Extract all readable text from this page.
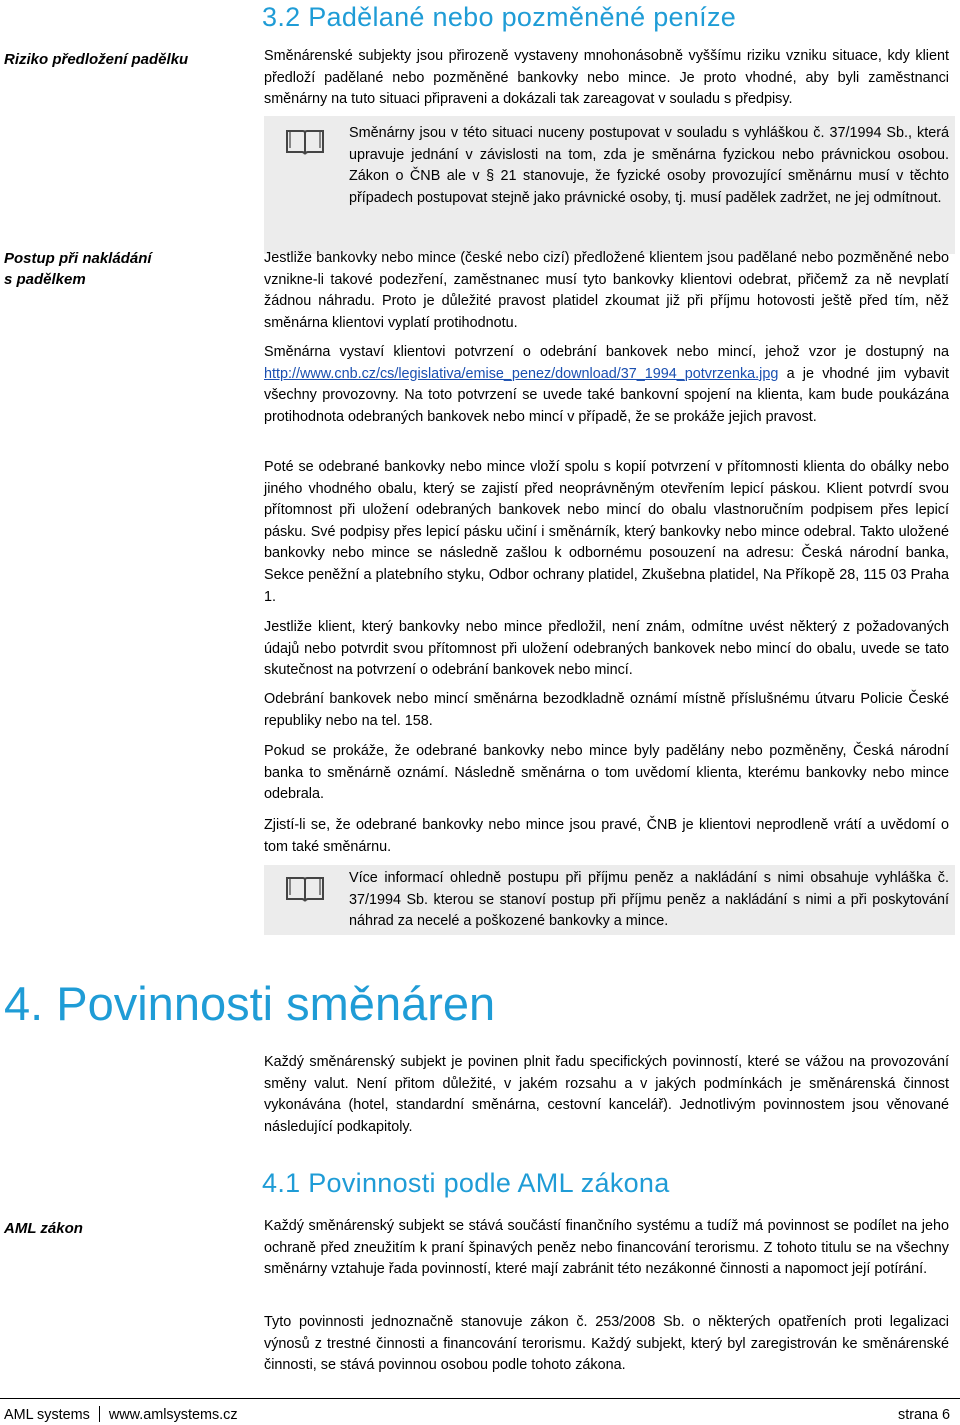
3.2 Padělané nebo pozměněné peníze
Riziko předložení padělku	Směnárenské subjekty jsou přirozeně vystaveny mnohonásobně vyššímu riziku vzniku situace, kdy klient předloží padělané nebo pozměněné bankovky nebo mince. Je proto vhodné, aby byli zaměstnanci směnárny na tuto situaci připraveni a dokázali tak zareagovat v souladu s předpisy.

Směnárny jsou v této situaci nuceny postupovat v souladu s vyhláškou č. 37/1994 Sb., která upravuje jednání v závislosti na tom, zda je směnárna fyzickou nebo právnickou osobou. Zákon o ČNB ale v § 21 stanovuje, že fyzické osoby provozující směnárnu musí v těchto případech postupovat stejně jako právnické osoby, tj. musí padělek zadržet, ne jej odmítnout.

Postup při nakládání
s padělkem

Jestliže bankovky nebo mince (české nebo cizí) předložené klientem jsou padělané nebo pozměněné nebo vznikne-li takové podezření, zaměstnanec musí tyto bankovky klientovi odebrat, přičemž za ně nevplatí žádnou náhradu. Proto je důležité pravost platidel zkoumat již při příjmu hotovosti ještě před tím, něž směnárna klientovi vyplatí protihodnotu.

Směnárna vystaví klientovi potvrzení o odebrání bankovek nebo mincí, jehož vzor je dostupný na http://www.cnb.cz/cs/legislativa/emise_penez/download/37_1994_potvrzenka.jpg a je vhodné jim vybavit všechny provozovny. Na toto potvrzení se uvede také bankovní spojení na klienta, kam bude poukázána protihodnota odebraných bankovek nebo mincí v případě, že se prokáže jejich pravost.

Poté se odebrané bankovky nebo mince vloží spolu s kopií potvrzení v přítomnosti klienta do obálky nebo jiného vhodného obalu, který se zajistí před neoprávněným otevřením lepicí páskou. Klient potvrdí svou přítomnost při uložení odebraných bankovek nebo mincí do obalu vlastnoručním podpisem přes lepicí pásku. Své podpisy přes lepicí pásku učiní i směnárník, který bankovky nebo mince odebral. Takto uložené bankovky nebo mince se následně zašlou k odbornému posouzení na adresu: Česká národní banka, Sekce peněžní a platebního styku, Odbor ochrany platidel, Zkušebna platidel, Na Příkopě 28, 115 03 Praha 1.

Jestliže klient, který bankovky nebo mince předložil, není znám, odmítne uvést některý z požadovaných údajů nebo potvrdit svou přítomnost při uložení odebraných bankovek nebo mincí do obalu, uvede se tato skutečnost na potvrzení o odebrání bankovek nebo mincí.

Odebrání bankovek nebo mincí směnárna bezodkladně oznámí místně příslušnému útvaru Policie České republiky nebo na tel. 158.

Pokud se prokáže, že odebrané bankovky nebo mince byly padělány nebo pozměněny, Česká národní banka to směnárně oznámí. Následně směnárna o tom uvědomí klienta, kterému bankovky nebo mince odebrala.

Zjistí-li se, že odebrané bankovky nebo mince jsou pravé, ČNB je klientovi neprodleně vrátí a uvědomí o tom také směnárnu.

Více informací ohledně postupu při příjmu peněz a nakládání s nimi obsahuje vyhláška č. 37/1994 Sb. kterou se stanoví postup při příjmu peněz a nakládání s nimi a při poskytování náhrad za necelé a poškozené bankovky a mince.

4. Povinnosti směnáren

Každý směnárenský subjekt je povinen plnit řadu specifických povinností, které se vážou na provozování směny valut. Není přitom důležité, v jakém rozsahu a v jakých podmínkách je směnárenská činnost vykonávána (hotel, standardní směnárna, cestovní kancelář). Jednotlivým povinnostem jsou věnované následující podkapitoly.

4.1 Povinnosti podle AML zákona
AML zákon	Každý směnárenský subjekt se stává součástí finančního systému a tudíž má povinnost se podílet na jeho ochraně před zneužitím k praní špinavých peněz nebo financování terorismu. Z tohoto titulu se na všechny směnárny vztahuje řada povinností, které mají zabránit této nezákonné činnosti a napomoct její potírání.

Tyto povinnosti jednoznačně stanovuje zákon č. 253/2008 Sb. o některých opatřeních proti legalizaci výnosů z trestné činnosti a financování terorismu. Každý subjekt, který byl zaregistrován ke směnárenské činnosti, se stává povinnou osobou podle tohoto zákona.

AML systems www.amlsystems.cz	strana 6
